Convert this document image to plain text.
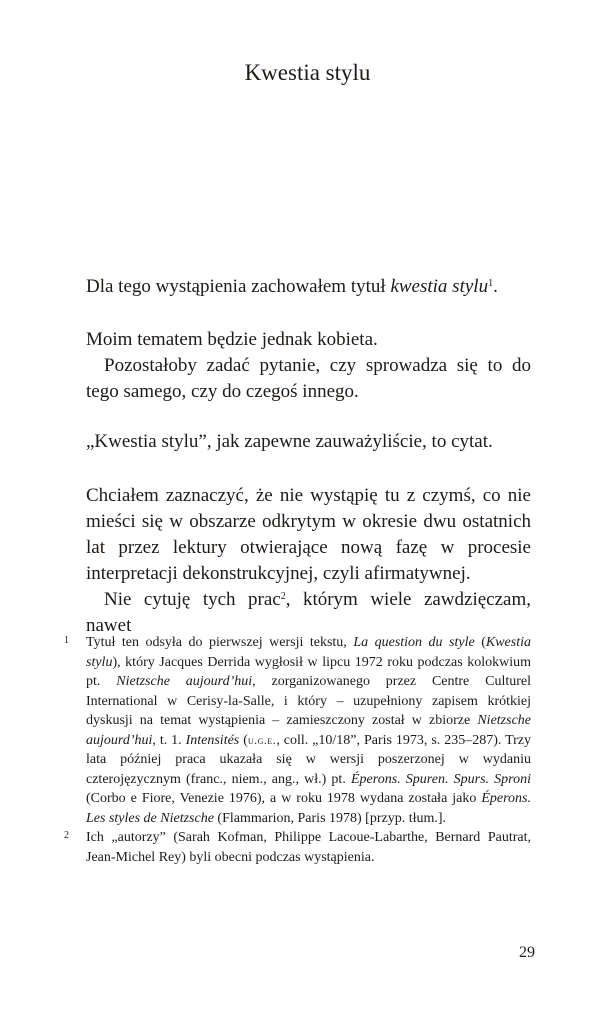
Kwestia stylu

Dla tego wystąpienia zachowałem tytuł kwestia stylu$^1$.

Moim tematem będzie jednak kobieta.

Pozostałoby zadać pytanie, czy sprowadza się to do tego samego, czy do czegoś innego.

„Kwestia stylu”, jak zapewne zauważyliście, to cytat.

Chciałem zaznaczyć, że nie wystąpię tu z czymś, co nie mieści się w obszarze odkrytym w okresie dwu ostatnich lat przez lektury otwierające nową fazę w procesie interpretacji dekonstrukcyjnej, czyli afirmatywnej.

Nie cytuję tych prac$^2$, którym wiele zawdzięczam, nawet

1 Tytuł ten odsyła do pierwszej wersji tekstu, La question du style (Kwestia stylu), który Jacques Derrida wygłosił w lipcu 1972 roku podczas kolokwium pt. Nietzsche aujourd’hui, zorganizowanego przez Centre Culturel International w Cerisy-la-Salle, i który – uzupełniony zapisem krótkiej dyskusji na temat wystąpienia – zamieszczony został w zbiorze Nietzsche aujourd’hui, t. 1. Intensités (u.g.e., coll. „10/18”, Paris 1973, s. 235–287). Trzy lata później praca ukazała się w wersji poszerzonej w wydaniu czterojęzycznym (franc., niem., ang., wł.) pt. Éperons. Spuren. Spurs. Sproni (Corbo e Fiore, Venezie 1976), a w roku 1978 wydana została jako Éperons. Les styles de Nietzsche (Flammarion, Paris 1978) [przyp. tłum.].

2 Ich „autorzy” (Sarah Kofman, Philippe Lacoue-Labarthe, Bernard Pautrat, Jean-Michel Rey) byli obecni podczas wystąpienia.

29
